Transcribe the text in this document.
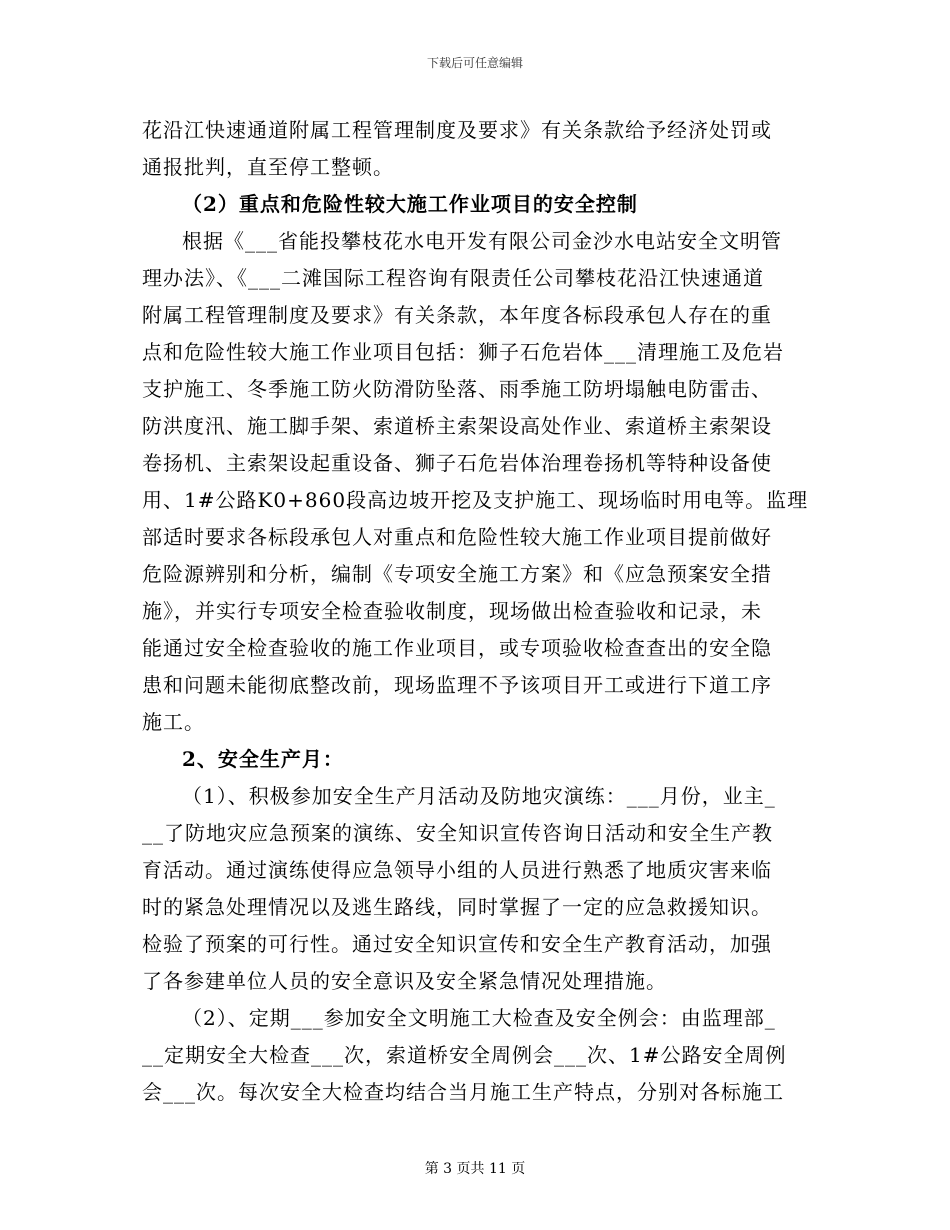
下载后可任意编辑
花沿江快速通道附属工程管理制度及要求》有关条款给予经济处罚或
通报批判，直至停工整顿。
（2）重点和危险性较大施工作业项目的安全控制
根据《___省能投攀枝花水电开发有限公司金沙水电站安全文明管
理办法》、《___二滩国际工程咨询有限责任公司攀枝花沿江快速通道
附属工程管理制度及要求》有关条款，本年度各标段承包人存在的重
点和危险性较大施工作业项目包括：狮子石危岩体___清理施工及危岩
支护施工、冬季施工防火防滑防坠落、雨季施工防坍塌触电防雷击、
防洪度汛、施工脚手架、索道桥主索架设高处作业、索道桥主索架设
卷扬机、主索架设起重设备、狮子石危岩体治理卷扬机等特种设备使
用、1#公路K0+860段高边坡开挖及支护施工、现场临时用电等。监理
部适时要求各标段承包人对重点和危险性较大施工作业项目提前做好
危险源辨别和分析，编制《专项安全施工方案》和《应急预案安全措
施》，并实行专项安全检查验收制度，现场做出检查验收和记录，未
能通过安全检查验收的施工作业项目，或专项验收检查查出的安全隐
患和问题未能彻底整改前，现场监理不予该项目开工或进行下道工序
施工。
2、安全生产月：
（1）、积极参加安全生产月活动及防地灾演练：___月份，业主_
__了防地灾应急预案的演练、安全知识宣传咨询日活动和安全生产教
育活动。通过演练使得应急领导小组的人员进行熟悉了地质灾害来临
时的紧急处理情况以及逃生路线，同时掌握了一定的应急救援知识。
检验了预案的可行性。通过安全知识宣传和安全生产教育活动，加强
了各参建单位人员的安全意识及安全紧急情况处理措施。
（2）、定期___参加安全文明施工大检查及安全例会：由监理部_
__定期安全大检查___次，索道桥安全周例会___次、1#公路安全周例
会___次。每次安全大检查均结合当月施工生产特点，分别对各标施工
第 3 页共 11 页
